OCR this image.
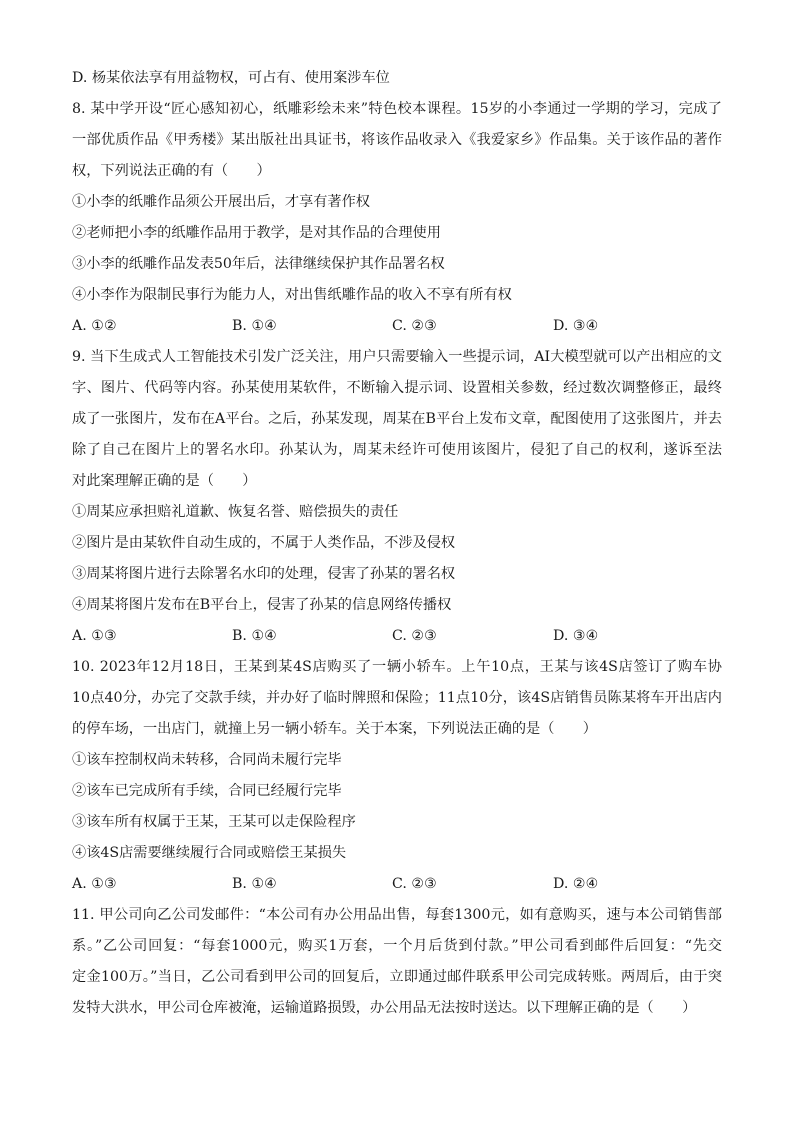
D. 杨某依法享有用益物权，可占有、使用案涉车位
8. 某中学开设“匠心感知初心，纸雕彩绘未来”特色校本课程。15岁的小李通过一学期的学习，完成了
一部优质作品《甲秀楼》某出版社出具证书，将该作品收录入《我爱家乡》作品集。关于该作品的著作
权，下列说法正确的有（　　）
①小李的纸雕作品须公开展出后，才享有著作权
②老师把小李的纸雕作品用于教学，是对其作品的合理使用
③小李的纸雕作品发表50年后，法律继续保护其作品署名权
④小李作为限制民事行为能力人，对出售纸雕作品的收入不享有所有权
A. ①②	B. ①④	C. ②③	D. ③④
9. 当下生成式人工智能技术引发广泛关注，用户只需要输入一些提示词，AI大模型就可以产出相应的文
字、图片、代码等内容。孙某使用某软件，不断输入提示词、设置相关参数，经过数次调整修正，最终
成了一张图片，发布在A平台。之后，孙某发现，周某在B平台上发布文章，配图使用了这张图片，并去
除了自己在图片上的署名水印。孙某认为，周某未经许可使用该图片，侵犯了自己的权利，遂诉至法
对此案理解正确的是（　　）
①周某应承担赔礼道歉、恢复名誉、赔偿损失的责任
②图片是由某软件自动生成的，不属于人类作品，不涉及侵权
③周某将图片进行去除署名水印的处理，侵害了孙某的署名权
④周某将图片发布在B平台上，侵害了孙某的信息网络传播权
A. ①③	B. ①④	C. ②③	D. ③④
10. 2023年12月18日，王某到某4S店购买了一辆小轿车。上午10点，王某与该4S店签订了购车协
10点40分，办完了交款手续，并办好了临时牌照和保险；11点10分，该4S店销售员陈某将车开出店内
的停车场，一出店门，就撞上另一辆小轿车。关于本案，下列说法正确的是（　　）
①该车控制权尚未转移，合同尚未履行完毕
②该车已完成所有手续，合同已经履行完毕
③该车所有权属于王某，王某可以走保险程序
④该4S店需要继续履行合同或赔偿王某损失
A. ①③	B. ①④	C. ②③	D. ②④
11. 甲公司向乙公司发邮件：“本公司有办公用品出售，每套1300元，如有意购买，速与本公司销售部
系。”乙公司回复：“每套1000元，购买1万套，一个月后货到付款。”甲公司看到邮件后回复：“先交
定金100万。”当日，乙公司看到甲公司的回复后，立即通过邮件联系甲公司完成转账。两周后，由于突
发特大洪水，甲公司仓库被淹，运输道路损毁，办公用品无法按时送达。以下理解正确的是（　　）
